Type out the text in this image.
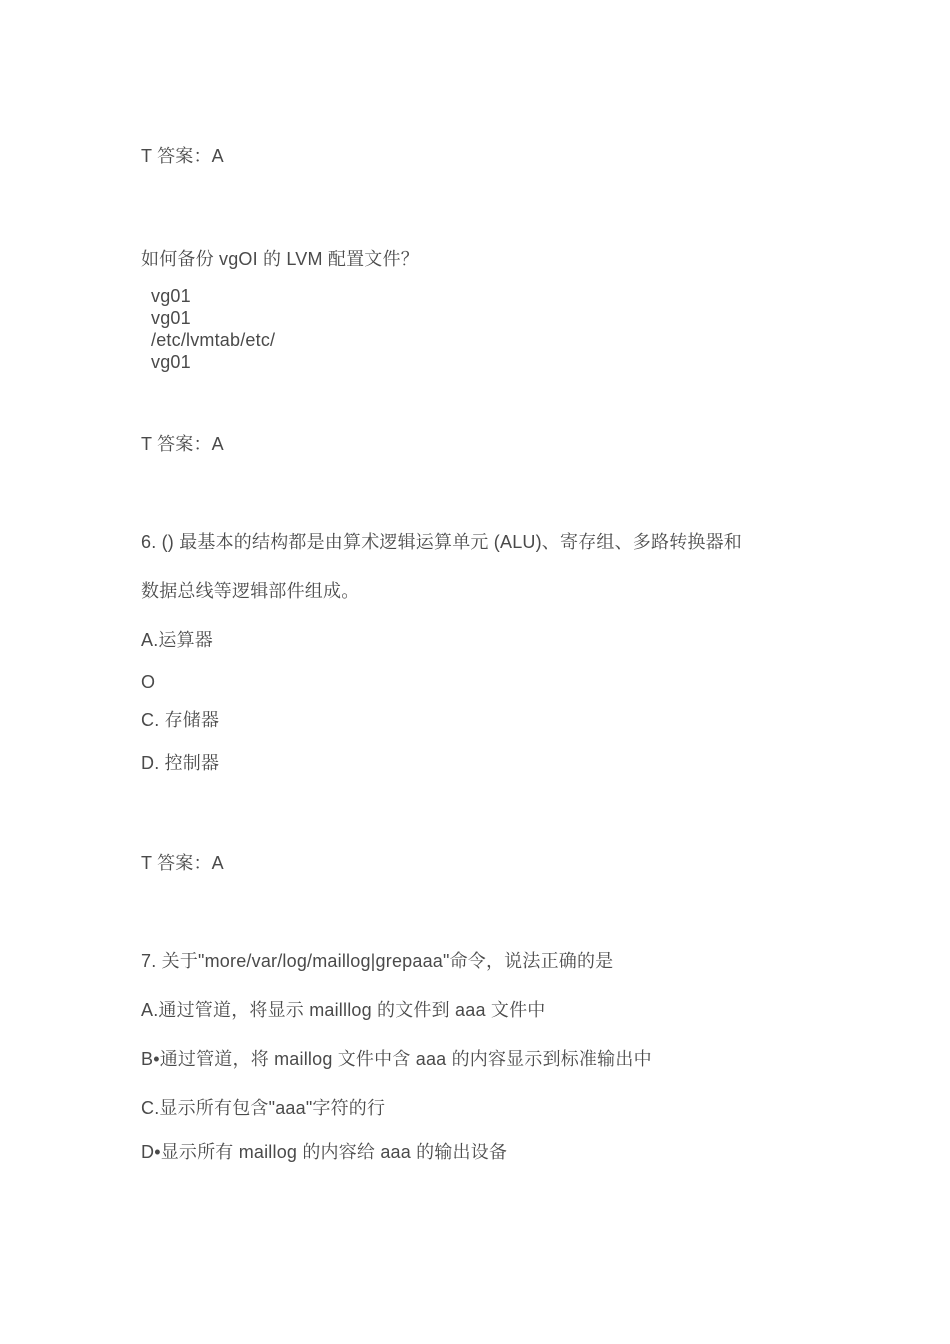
T 答案：A
如何备份 vgOI 的 LVM 配置文件？
vg01
vg01
/etc/lvmtab/etc/
vg01
T 答案：A
6. () 最基本的结构都是由算术逻辑运算单元 (ALU)、寄存组、多路转换器和
数据总线等逻辑部件组成。
A.运算器
O
C. 存储器
D. 控制器
T 答案：A
7. 关于"more/var/log/maillog|grepaaa"命令，说法正确的是
A.通过管道，将显示 mailllog 的文件到 aaa 文件中
B•通过管道，将 maillog 文件中含 aaa 的内容显示到标准输出中
C.显示所有包含"aaa"字符的行
D•显示所有 maillog 的内容给 aaa 的输出设备
